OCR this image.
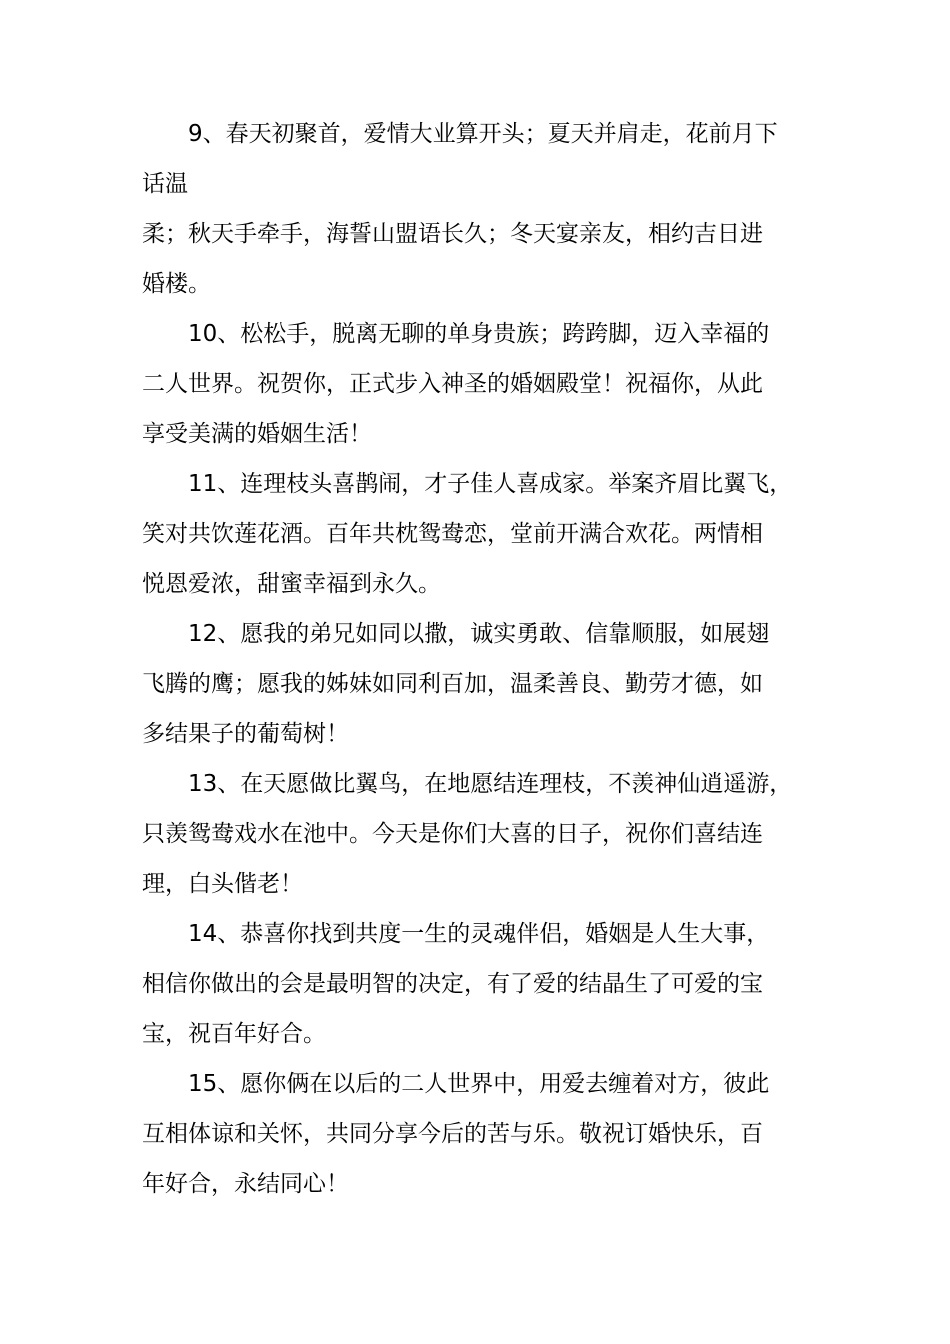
9、春天初聚首，爱情大业算开头；夏天并肩走，花前月下
话温
柔；秋天手牵手，海誓山盟语长久；冬天宴亲友，相约吉日进
婚楼。
10、松松手，脱离无聊的单身贵族；跨跨脚，迈入幸福的
二人世界。祝贺你，正式步入神圣的婚姻殿堂！祝福你，从此
享受美满的婚姻生活！
11、连理枝头喜鹊闹，才子佳人喜成家。举案齐眉比翼飞，
笑对共饮莲花酒。百年共枕鸳鸯恋，堂前开满合欢花。两情相
悦恩爱浓，甜蜜幸福到永久。
12、愿我的弟兄如同以撒，诚实勇敢、信靠顺服，如展翅
飞腾的鹰；愿我的姊妹如同利百加，温柔善良、勤劳才德，如
多结果子的葡萄树！
13、在天愿做比翼鸟，在地愿结连理枝，不羡神仙逍遥游，
只羡鸳鸯戏水在池中。今天是你们大喜的日子，祝你们喜结连
理，白头偕老！
14、恭喜你找到共度一生的灵魂伴侣，婚姻是人生大事，
相信你做出的会是最明智的决定，有了爱的结晶生了可爱的宝
宝，祝百年好合。
15、愿你俩在以后的二人世界中，用爱去缠着对方，彼此
互相体谅和关怀，共同分享今后的苦与乐。敬祝订婚快乐，百
年好合，永结同心！
